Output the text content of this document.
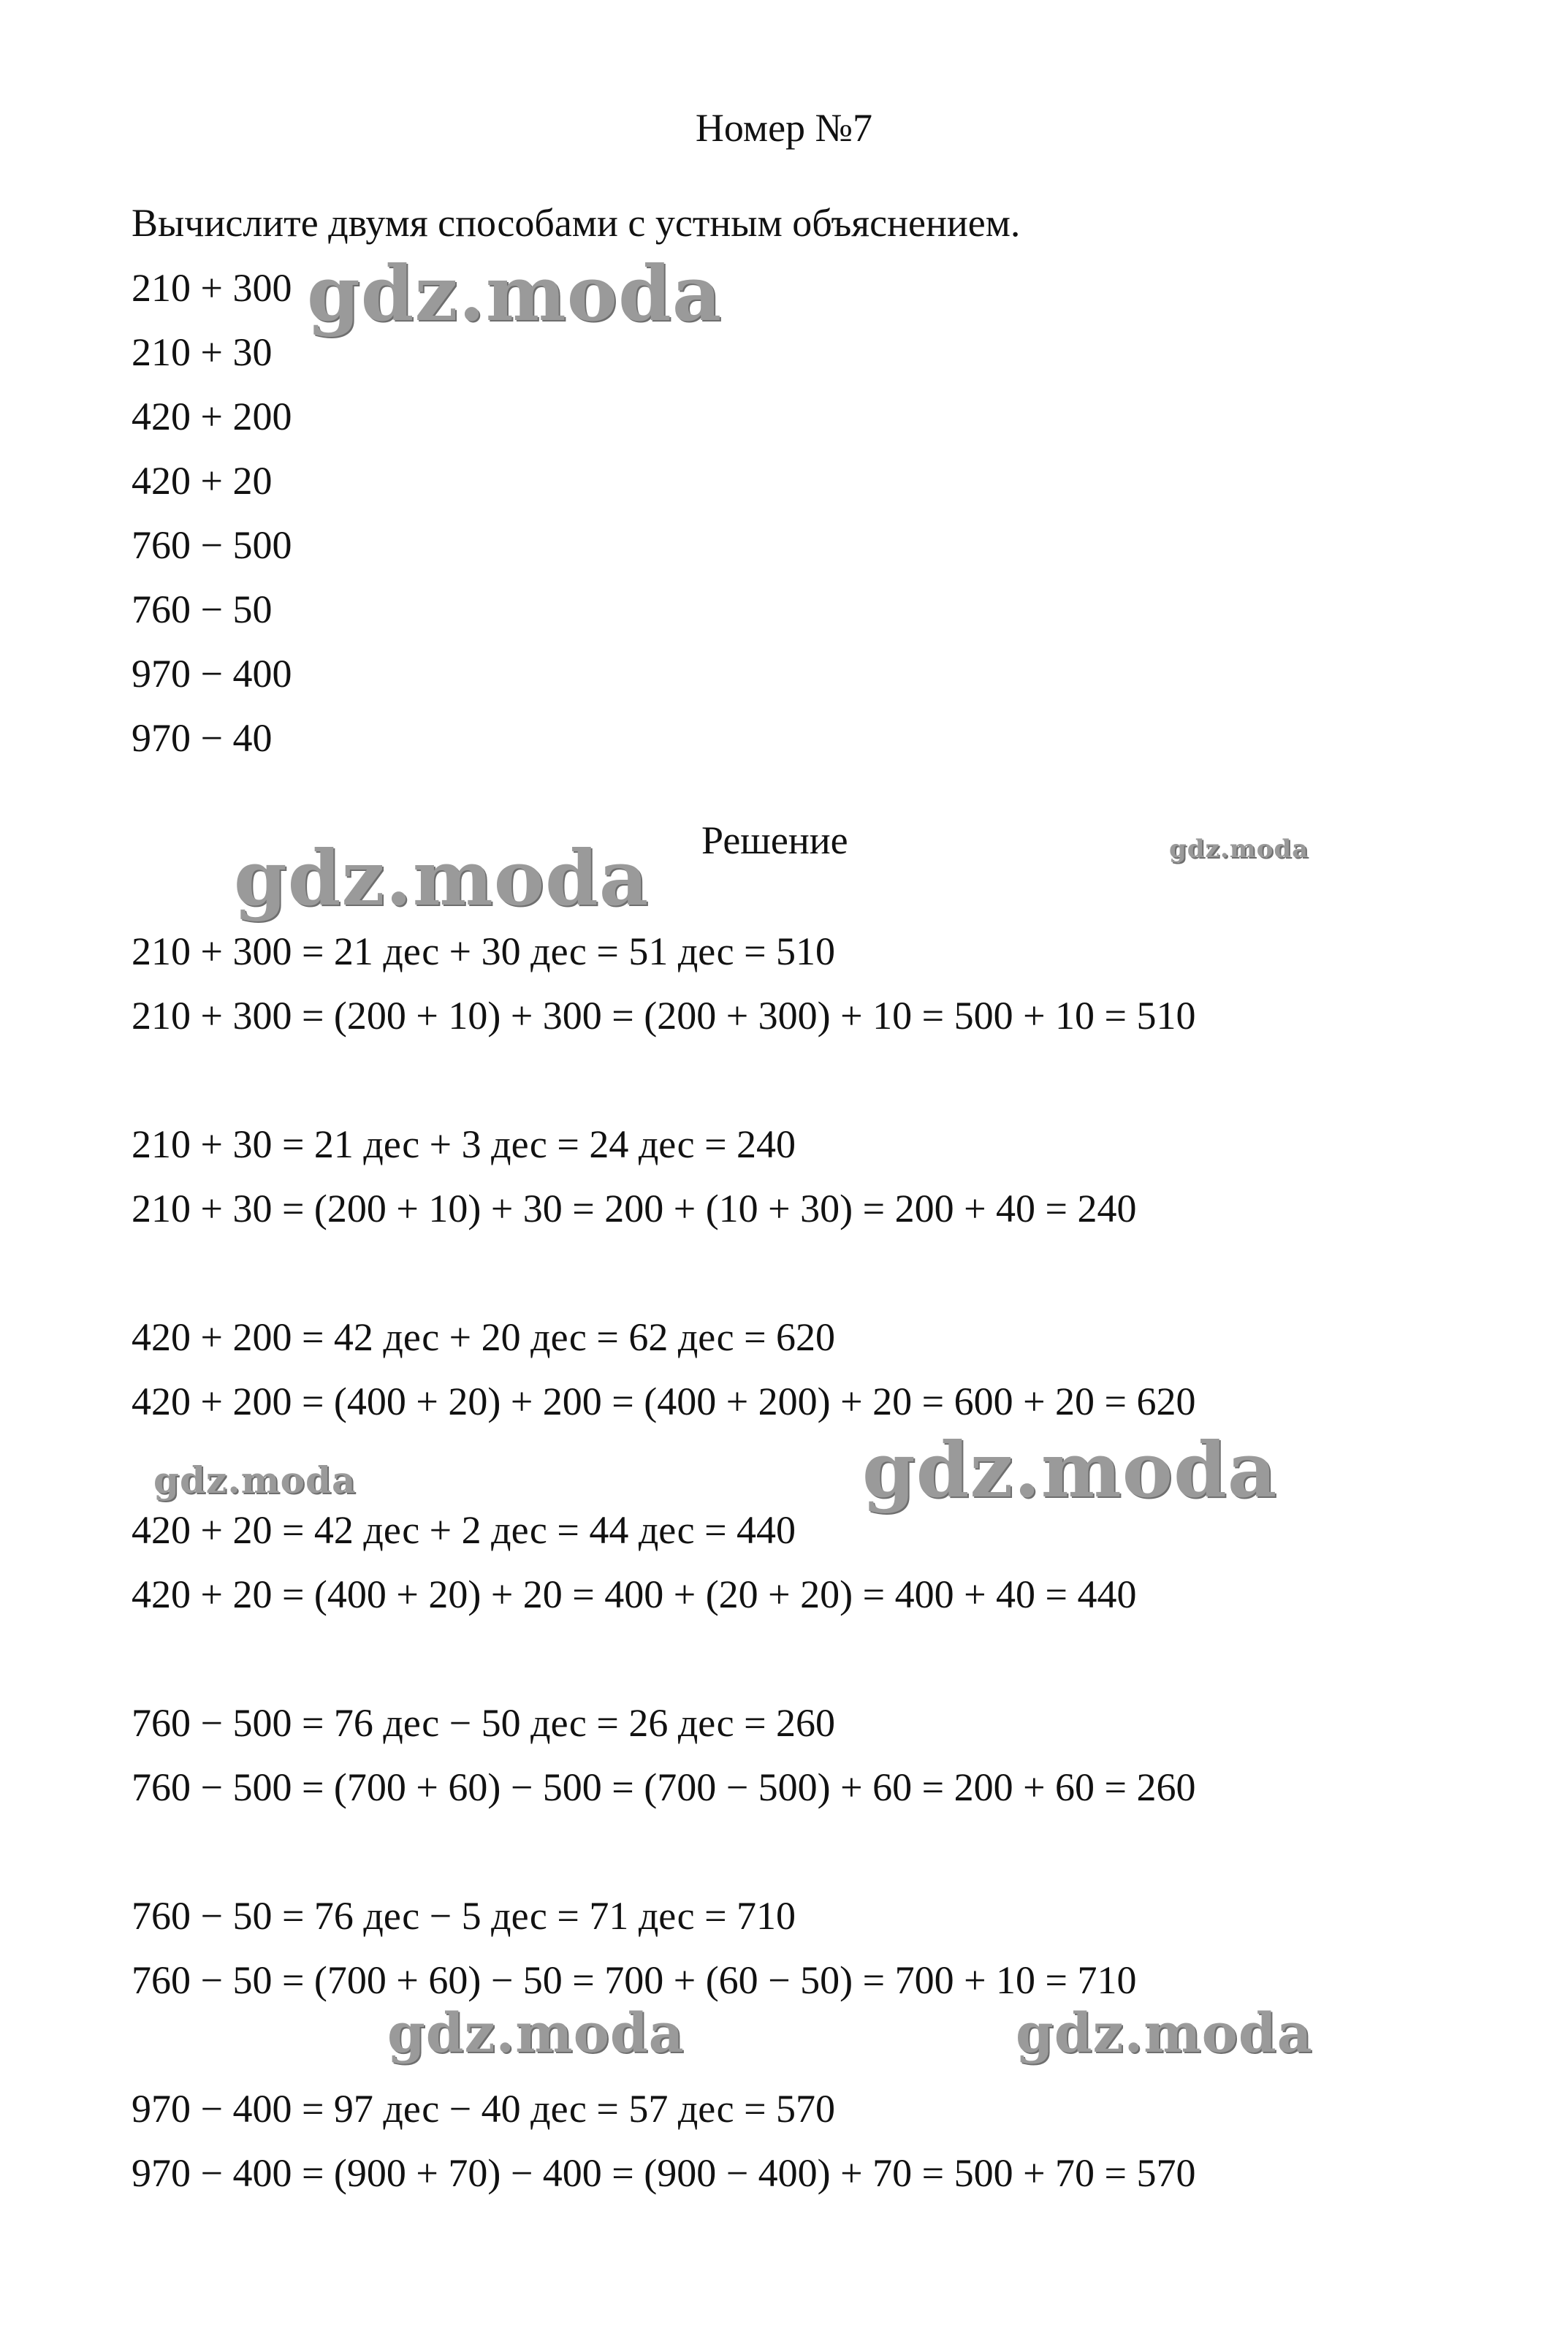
Номер №7
Вычислите двумя способами с устным объяснением.
210 + 300
210 + 30
420 + 200
420 + 20
760 − 500
760 − 50
970 − 400
970 − 40
Решение
210 + 300 = 21 дес + 30 дес = 51 дес = 510
210 + 300 = (200 + 10) + 300 = (200 + 300) + 10 = 500 + 10 = 510
210 + 30 = 21 дес + 3 дес = 24 дес = 240
210 + 30 = (200 + 10) + 30 = 200 + (10 + 30) = 200 + 40 = 240
420 + 200 = 42 дес + 20 дес = 62 дес = 620
420 + 200 = (400 + 20) + 200 = (400 + 200) + 20 = 600 + 20 = 620
420 + 20 = 42 дес + 2 дес = 44 дес = 440
420 + 20 = (400 + 20) + 20 = 400 + (20 + 20) = 400 + 40 = 440
760 − 500 = 76 дес − 50 дес = 26 дес = 260
760 − 500 = (700 + 60) − 500 = (700 − 500) + 60 = 200 + 60 = 260
760 − 50 = 76 дес − 5 дес = 71 дес = 710
760 − 50 = (700 + 60) − 50 = 700 + (60 − 50) = 700 + 10 = 710
970 − 400 = 97 дес − 40 дес = 57 дес = 570
970 − 400 = (900 + 70) − 400 = (900 − 400) + 70 = 500 + 70 = 570
gdz.moda
gdz.moda	gdz.moda
gdz.moda	gdz.moda
gdz.moda	gdz.moda
